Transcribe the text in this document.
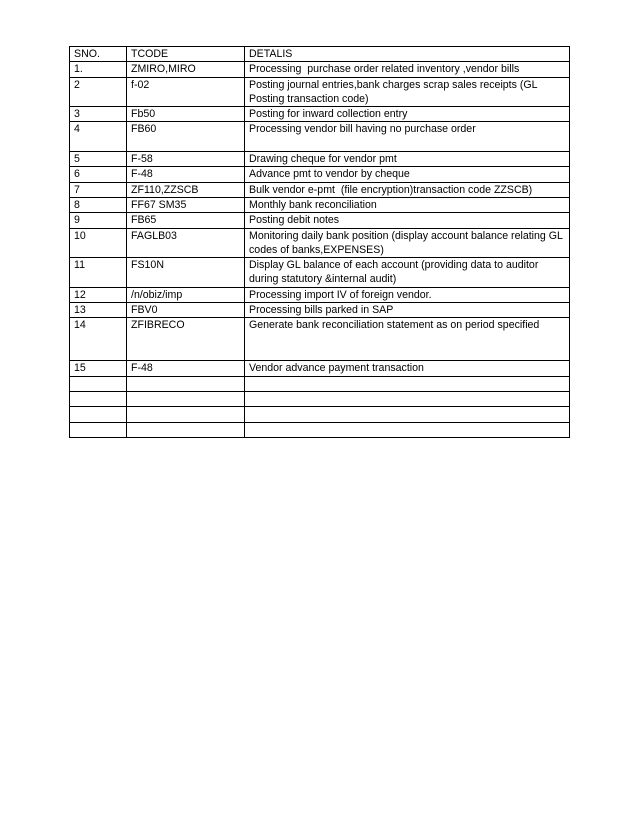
SNO.	TCODE	DETALIS
1.	ZMIRO,MIRO	Processing  purchase order related inventory ,vendor bills
2	f-02	Posting journal entries,bank charges scrap sales receipts (GL Posting transaction code)
3	Fb50	Posting for inward collection entry
4	FB60	Processing vendor bill having no purchase order
5	F-58	Drawing cheque for vendor pmt
6	F-48	Advance pmt to vendor by cheque
7	ZF110,ZZSCB	Bulk vendor e-pmt  (file encryption)transaction code ZZSCB)
8	FF67 SM35	Monthly bank reconciliation
9	FB65	Posting debit notes
10	FAGLB03	Monitoring daily bank position (display account balance relating GL codes of banks,EXPENSES)
11	FS10N	Display GL balance of each account (providing data to auditor during statutory &internal audit)
12	/n/obiz/imp	Processing import IV of foreign vendor.
13	FBV0	Processing bills parked in SAP
14	ZFIBRECO	Generate bank reconciliation statement as on period specified
15	F-48	Vendor advance payment transaction
